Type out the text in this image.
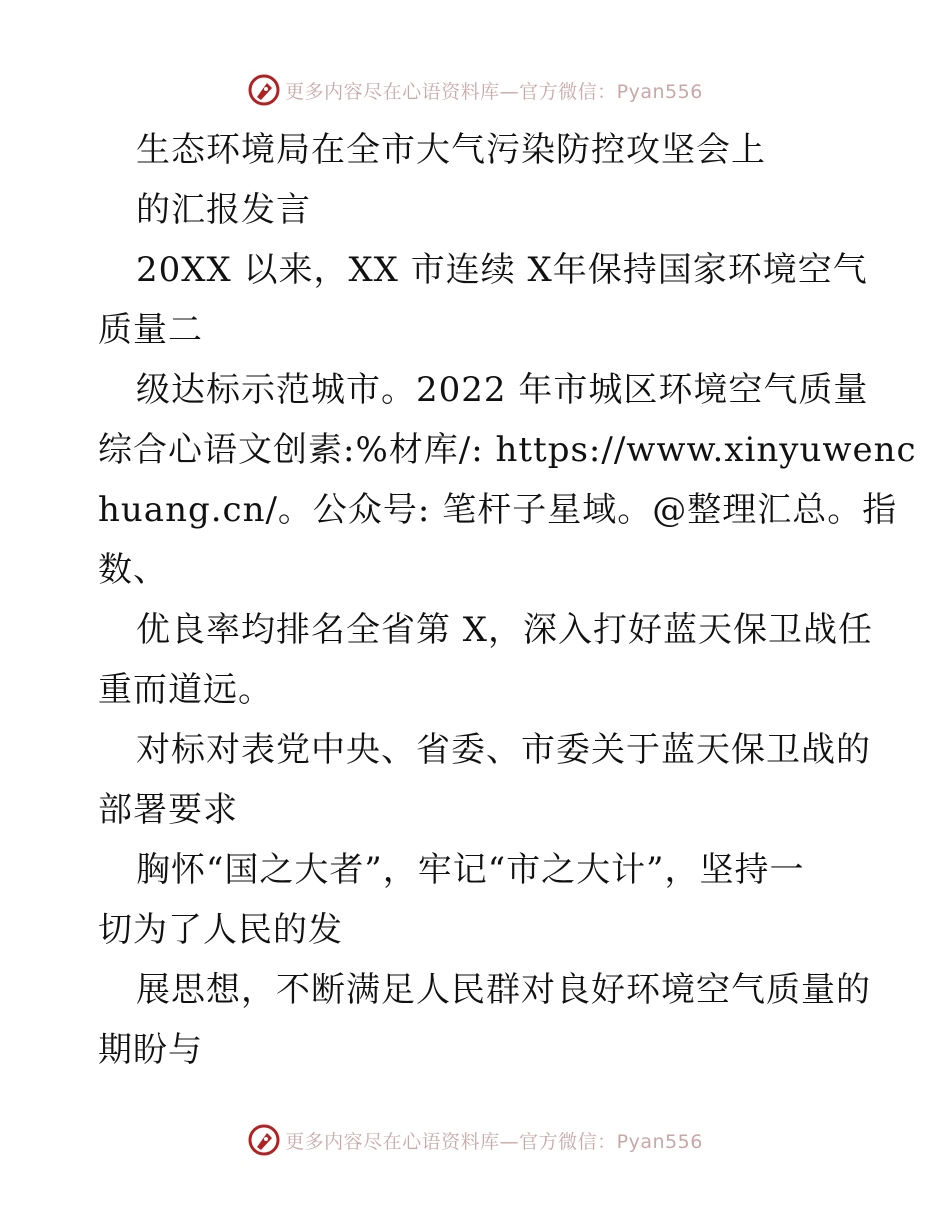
更多内容尽在心语资料库—官方微信：Pyan556
生态环境局在全市大气污染防控攻坚会上
的汇报发言
20XX 以来，XX 市连续 X年保持国家环境空气
质量二
级达标示范城市。2022 年市城区环境空气质量
综合心语文创素:%材库/: https://www.xinyuwenc
huang.cn/。公众号: 笔杆子星域。@整理汇总。指
数、
优良率均排名全省第 X，深入打好蓝天保卫战任
重而道远。
对标对表党中央、省委、市委关于蓝天保卫战的
部署要求
胸怀“国之大者”，牢记“市之大计”，坚持一
切为了人民的发
展思想，不断满足人民群对良好环境空气质量的
期盼与
更多内容尽在心语资料库—官方微信：Pyan556
